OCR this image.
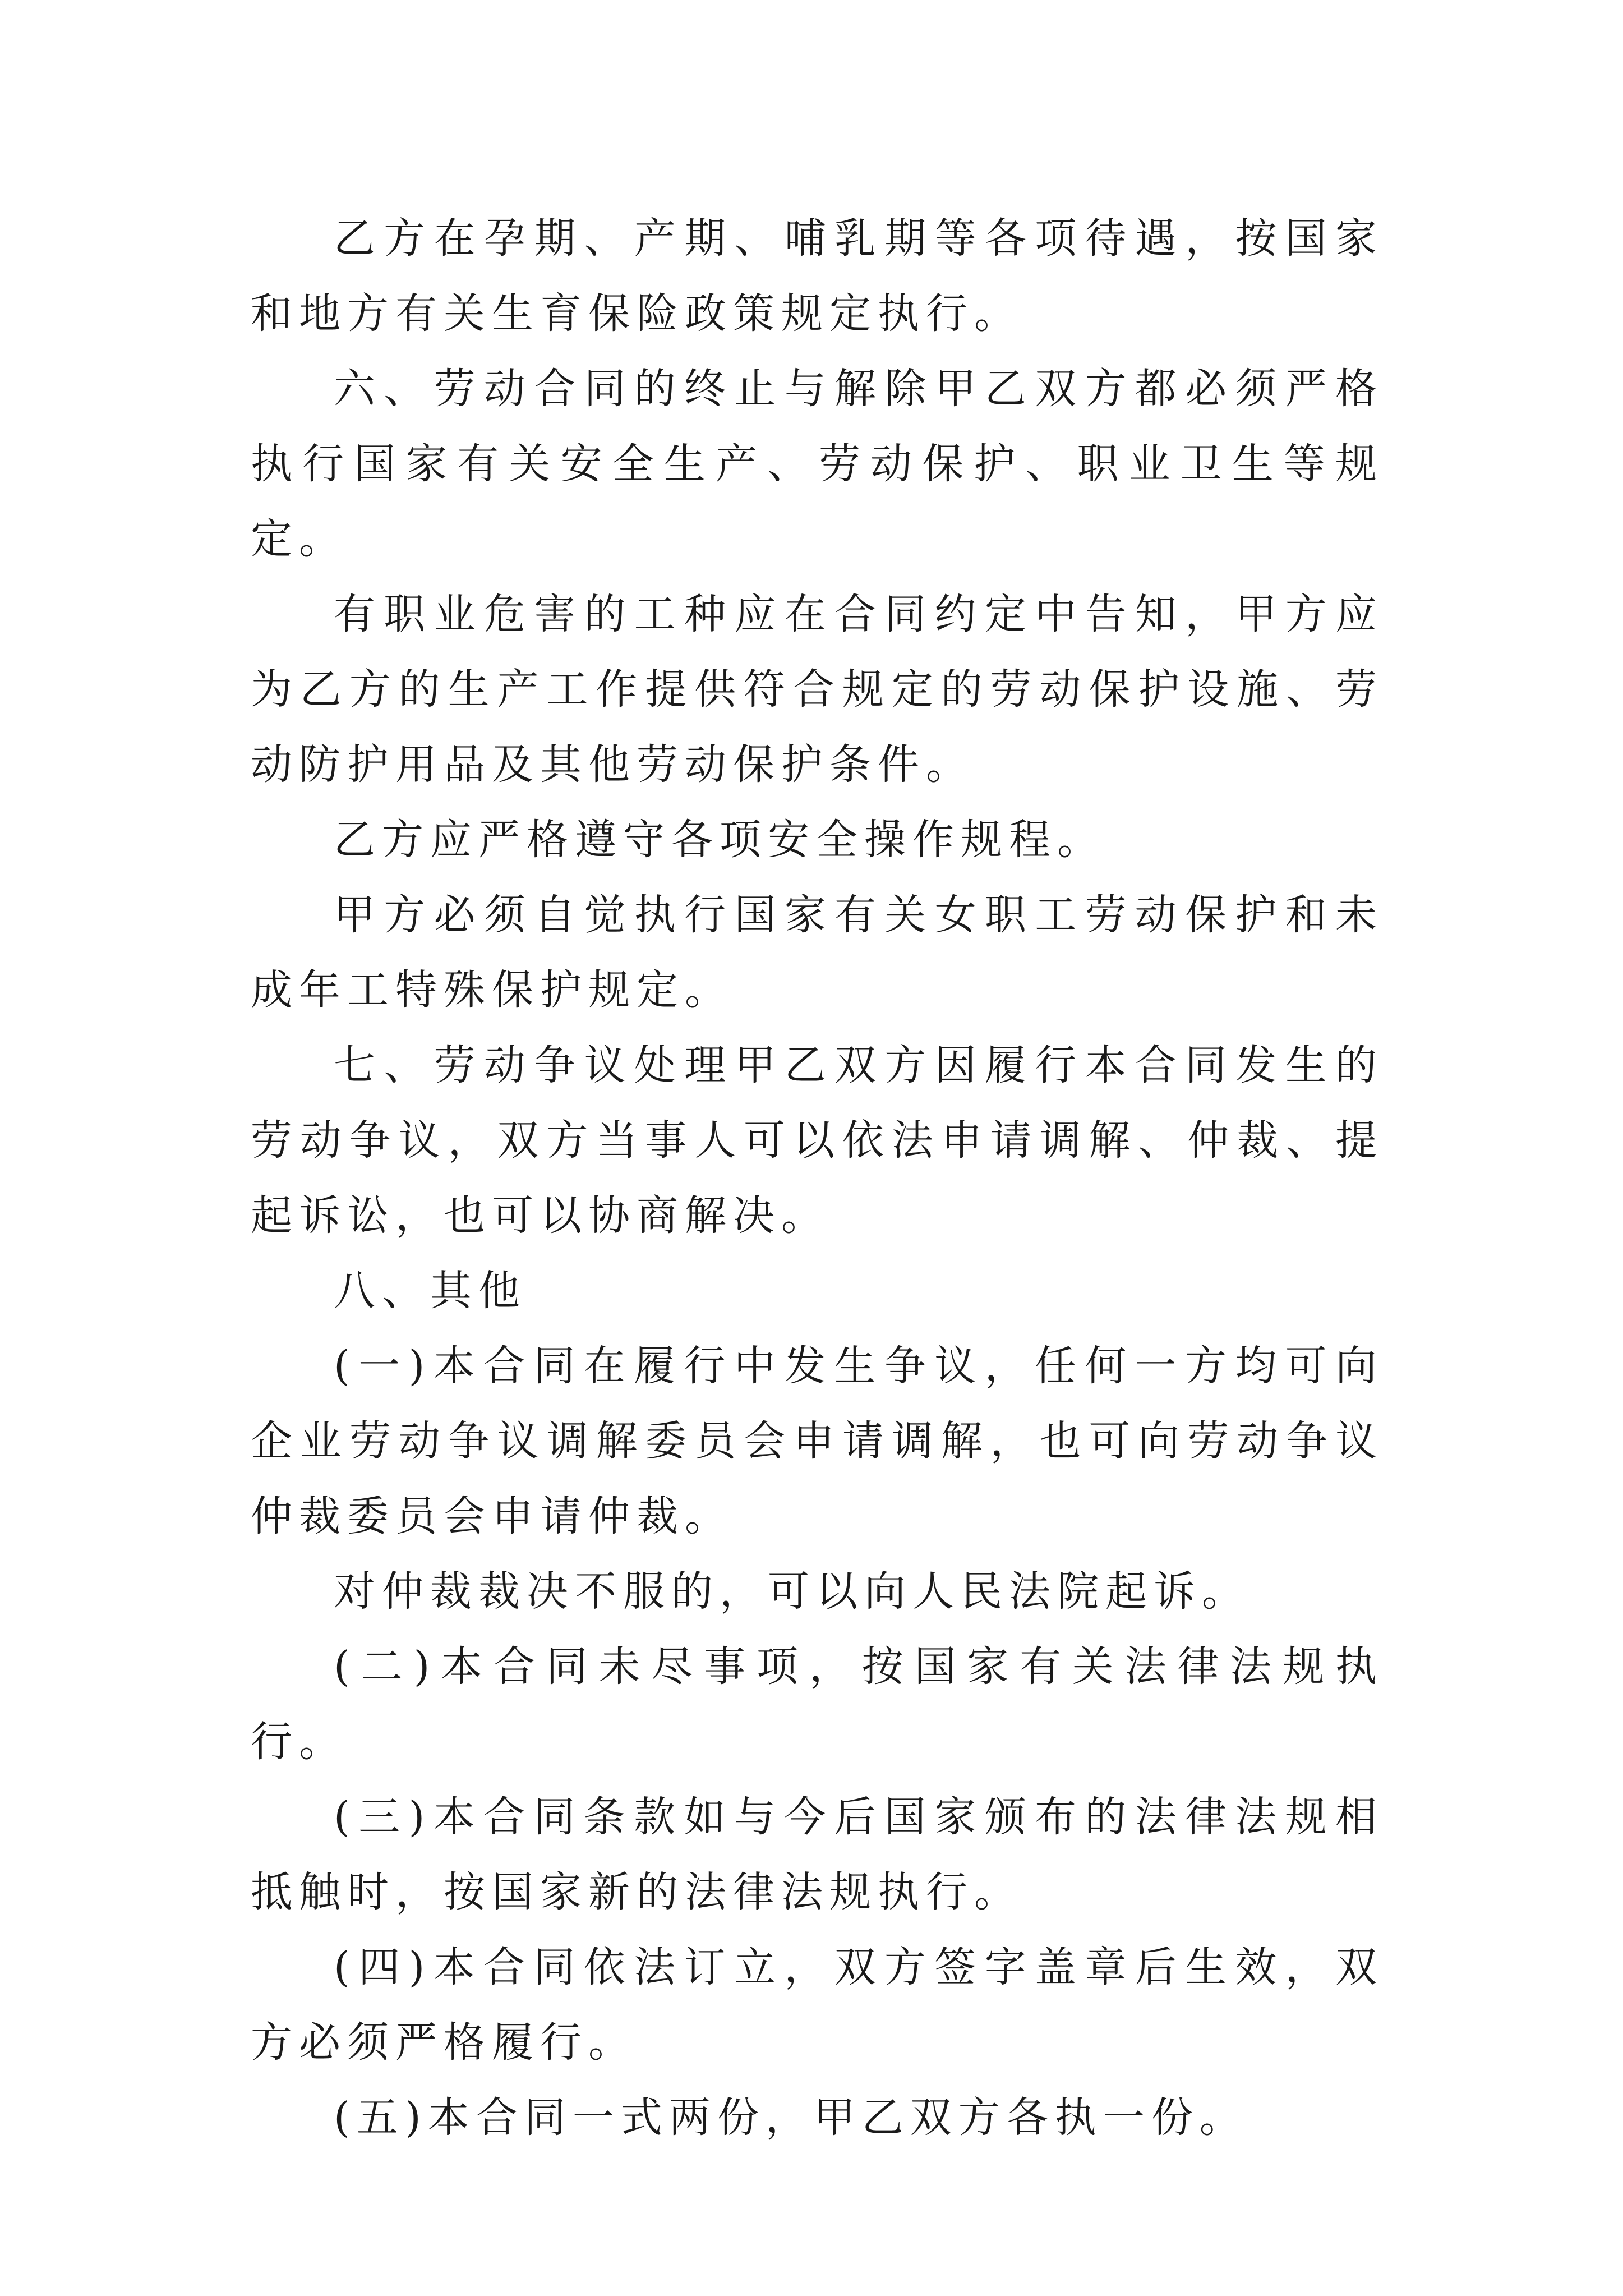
乙方在孕期、产期、哺乳期等各项待遇，按国家和地方有关生育保险政策规定执行。

六、劳动合同的终止与解除甲乙双方都必须严格执行国家有关安全生产、劳动保护、职业卫生等规定。

有职业危害的工种应在合同约定中告知，甲方应为乙方的生产工作提供符合规定的劳动保护设施、劳动防护用品及其他劳动保护条件。

乙方应严格遵守各项安全操作规程。

甲方必须自觉执行国家有关女职工劳动保护和未成年工特殊保护规定。

七、劳动争议处理甲乙双方因履行本合同发生的劳动争议，双方当事人可以依法申请调解、仲裁、提起诉讼，也可以协商解决。

八、其他

(一)本合同在履行中发生争议，任何一方均可向企业劳动争议调解委员会申请调解，也可向劳动争议仲裁委员会申请仲裁。

对仲裁裁决不服的，可以向人民法院起诉。

(二)本合同未尽事项，按国家有关法律法规执行。

(三)本合同条款如与今后国家颁布的法律法规相抵触时，按国家新的法律法规执行。

(四)本合同依法订立，双方签字盖章后生效，双方必须严格履行。

(五)本合同一式两份，甲乙双方各执一份。
